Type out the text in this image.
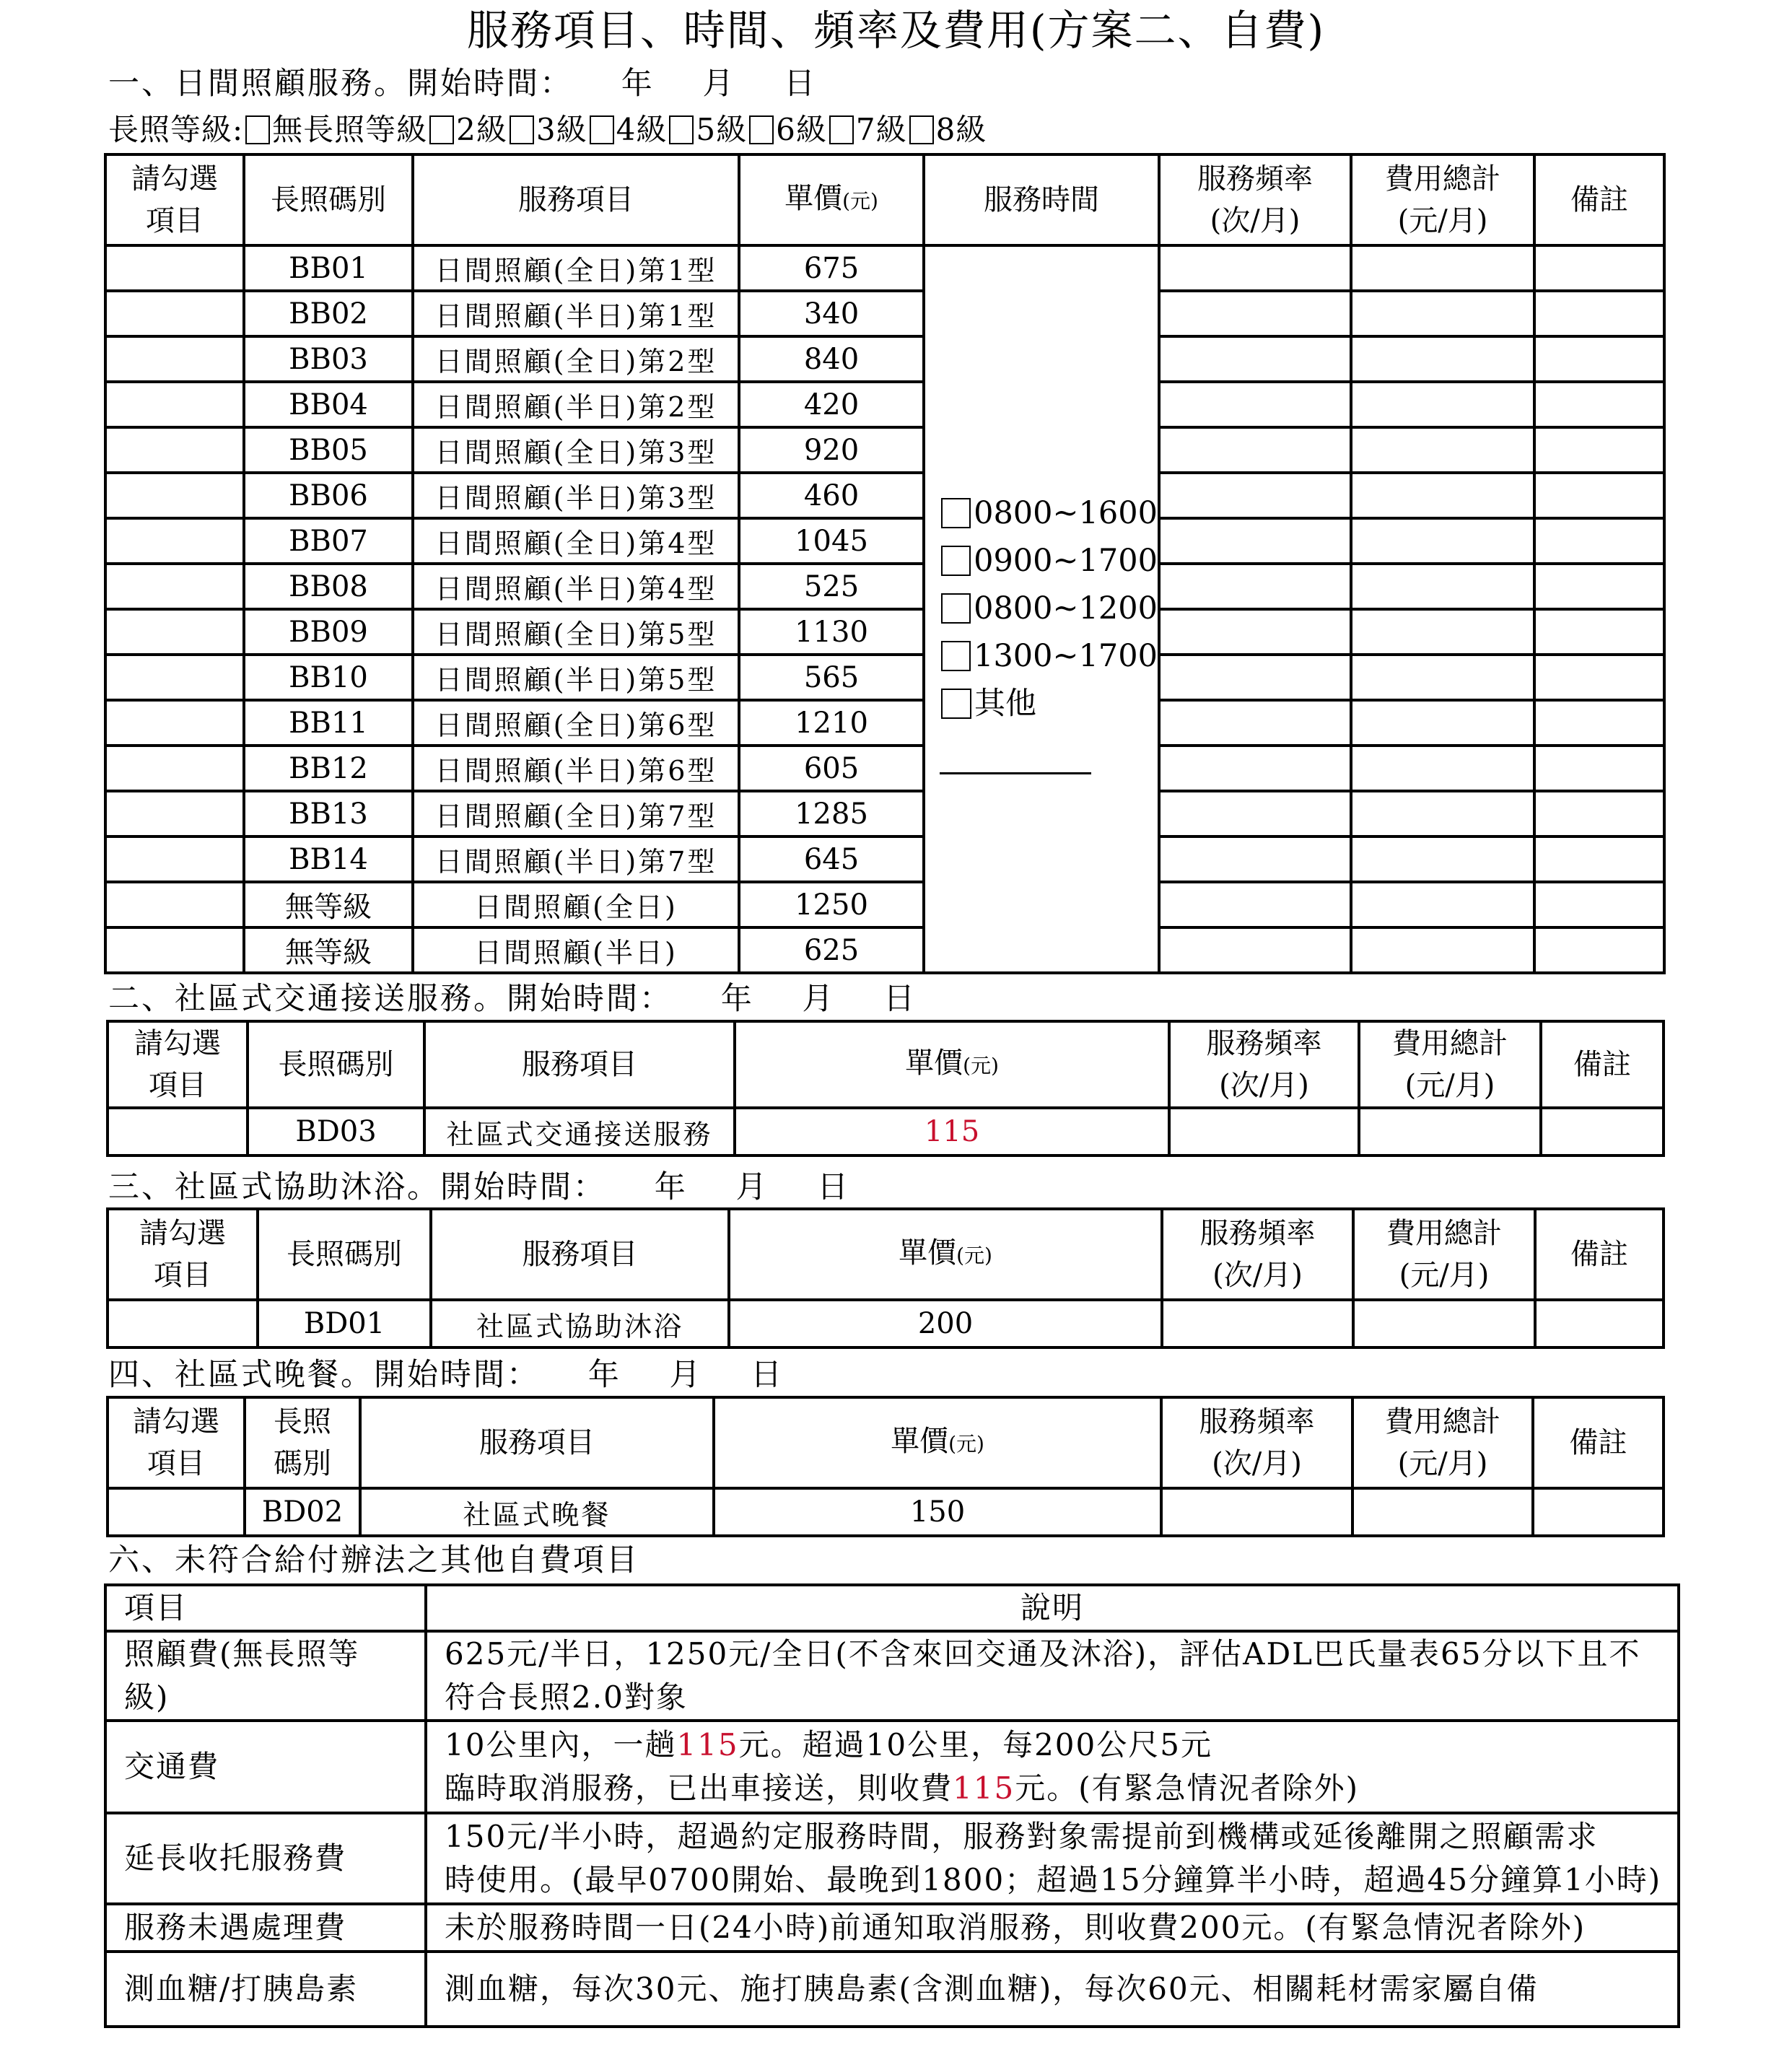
服務項目、時間、頻率及費用(方案二、自費)
一、日間照顧服務。開始時間： 年 月 日
長照等級: 無長照等級 2級 3級 4級 5級 6級 7級 8級
請勾選
項目	長照碼別	服務項目	單價(元)	服務時間	服務頻率
(次/月)	費用總計
(元/月)	備註
	BB01	日間照顧(全日)第1型	675	0800~1600
0900~1700
0800~1200
1300~1700
其他			

	BB02	日間照顧(半日)第1型	340				
	BB03	日間照顧(全日)第2型	840				
	BB04	日間照顧(半日)第2型	420				
	BB05	日間照顧(全日)第3型	920				
	BB06	日間照顧(半日)第3型	460				
	BB07	日間照顧(全日)第4型	1045				
	BB08	日間照顧(半日)第4型	525				
	BB09	日間照顧(全日)第5型	1130				
	BB10	日間照顧(半日)第5型	565				
	BB11	日間照顧(全日)第6型	1210				
	BB12	日間照顧(半日)第6型	605				
	BB13	日間照顧(全日)第7型	1285				
	BB14	日間照顧(半日)第7型	645				
	無等級	日間照顧(全日)	1250				
	無等級	日間照顧(半日)	625				
二、社區式交通接送服務。開始時間： 年 月 日
請勾選
項目	長照碼別	服務項目	單價(元)	服務頻率
(次/月)	費用總計
(元/月)	備註
	BD03	社區式交通接送服務	115			
三、社區式協助沐浴。開始時間： 年 月 日
請勾選
項目	長照碼別	服務項目	單價(元)	服務頻率
(次/月)	費用總計
(元/月)	備註
	BD01	社區式協助沐浴	200			
四、社區式晚餐。開始時間： 年 月 日
請勾選
項目	長照
碼別	服務項目	單價(元)	服務頻率
(次/月)	費用總計
(元/月)	備註
	BD02	社區式晚餐	150			
六、未符合給付辦法之其他自費項目
項目	說明
照顧費(無長照等
級)	625元/半日，1250元/全日(不含來回交通及沐浴)，評估ADL巴氏量表65分以下且不
符合長照2.0對象
交通費	10公里內，一趟115元。超過10公里，每200公尺5元
臨時取消服務，已出車接送，則收費115元。(有緊急情況者除外)
延長收托服務費	150元/半小時，超過約定服務時間，服務對象需提前到機構或延後離開之照顧需求
時使用。(最早0700開始、最晚到1800；超過15分鐘算半小時，超過45分鐘算1小時)
服務未遇處理費	未於服務時間一日(24小時)前通知取消服務，則收費200元。(有緊急情況者除外)
測血糖/打胰島素	測血糖，每次30元、施打胰島素(含測血糖)，每次60元、相關耗材需家屬自備
